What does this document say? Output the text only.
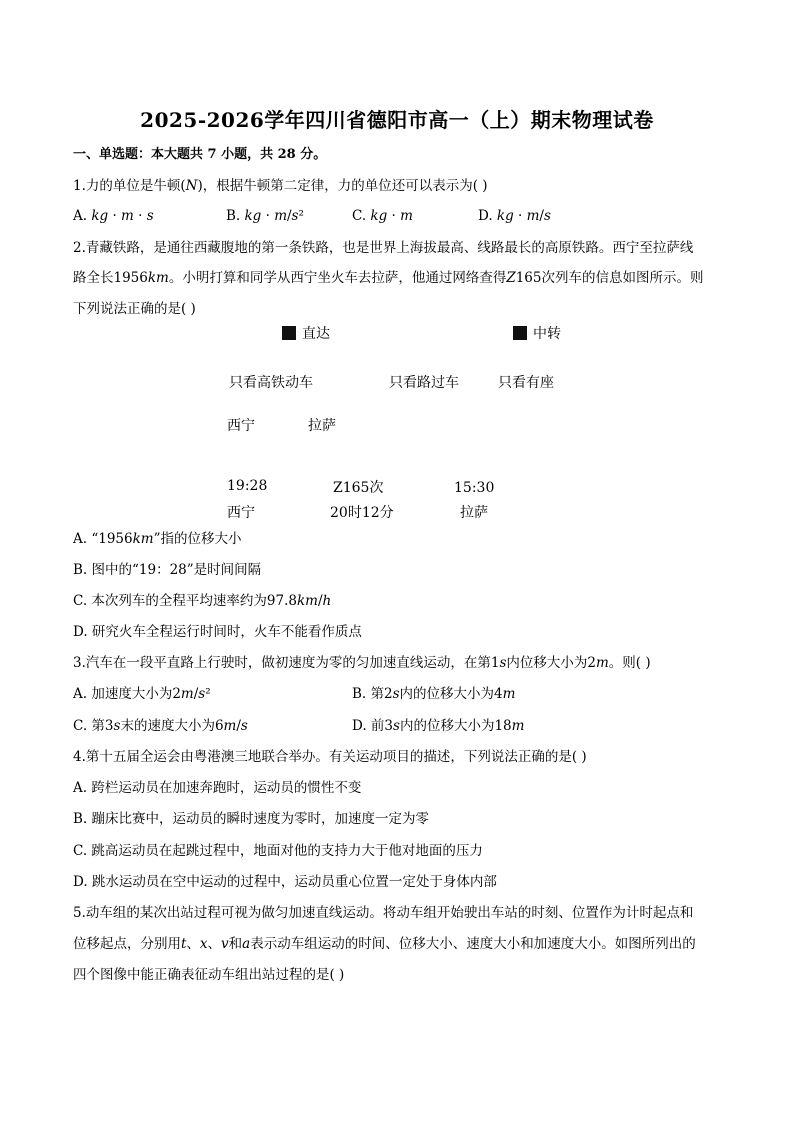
2025-2026学年四川省德阳市高一（上）期末物理试卷
一、单选题：本大题共 7 小题，共 28 分。
1.力的单位是牛顿(𝑁)，根据牛顿第二定律，力的单位还可以表示为( )
A. 𝑘𝑔 · 𝑚 · 𝑠	B. 𝑘𝑔 · 𝑚/𝑠²	C. 𝑘𝑔 · 𝑚	D. 𝑘𝑔 · 𝑚/𝑠
2.青藏铁路，是通往西藏腹地的第一条铁路，也是世界上海拔最高、线路最长的高原铁路。西宁至拉萨线
路全长1956𝑘𝑚。小明打算和同学从西宁坐火车去拉萨，他通过网络查得𝑍165次列车的信息如图所示。则
下列说法正确的是( )
直达	中转
只看高铁动车	只看路过车	只看有座
西宁	拉萨
19:28	Z165次	15:30
西宁	20时12分	拉萨
A. “1956𝑘𝑚”指的位移大小
B. 图中的“19：28”是时间间隔
C. 本次列车的全程平均速率约为97.8𝑘𝑚/ℎ
D. 研究火车全程运行时间时，火车不能看作质点
3.汽车在一段平直路上行驶时，做初速度为零的匀加速直线运动，在第1𝑠内位移大小为2𝑚。则( )
A. 加速度大小为2𝑚/𝑠²	B. 第2𝑠内的位移大小为4𝑚
C. 第3𝑠末的速度大小为6𝑚/𝑠	D. 前3𝑠内的位移大小为18𝑚
4.第十五届全运会由粤港澳三地联合举办。有关运动项目的描述，下列说法正确的是( )
A. 跨栏运动员在加速奔跑时，运动员的惯性不变
B. 蹦床比赛中，运动员的瞬时速度为零时，加速度一定为零
C. 跳高运动员在起跳过程中，地面对他的支持力大于他对地面的压力
D. 跳水运动员在空中运动的过程中，运动员重心位置一定处于身体内部
5.动车组的某次出站过程可视为做匀加速直线运动。将动车组开始驶出车站的时刻、位置作为计时起点和
位移起点，分别用𝑡、𝑥、𝑣和𝑎表示动车组运动的时间、位移大小、速度大小和加速度大小。如图所列出的
四个图像中能正确表征动车组出站过程的是( )
